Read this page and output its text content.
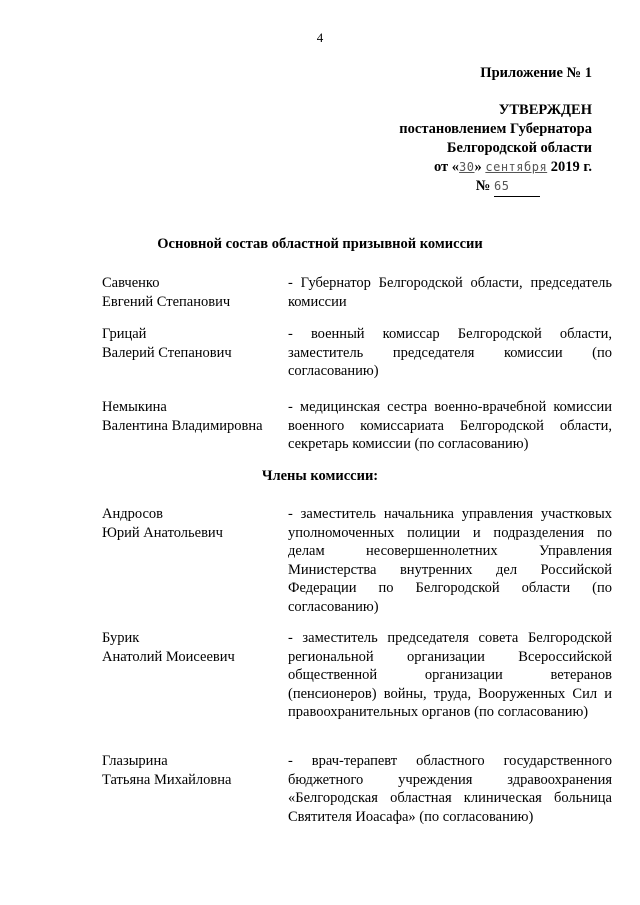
4
Приложение № 1
УТВЕРЖДЕН
постановлением Губернатора
Белгородской области
от «30» сентября 2019 г.
№ 65
Основной состав областной призывной комиссии
Савченко
Евгений Степанович
- Губернатор Белгородской области, председатель комиссии
Грицай
Валерий Степанович
- военный комиссар Белгородской области, заместитель председателя комиссии (по согласованию)
Немыкина
Валентина Владимировна
- медицинская сестра военно-врачебной комиссии военного комиссариата Белгородской области, секретарь комиссии (по согласованию)
Члены комиссии:
Андросов
Юрий Анатольевич
- заместитель начальника управления участковых уполномоченных полиции и подразделения по делам несовершеннолетних Управления Министерства внутренних дел Российской Федерации по Белгородской области (по согласованию)
Бурик
Анатолий Моисеевич
- заместитель председателя совета Белгородской региональной организации Всероссийской общественной организации ветеранов (пенсионеров) войны, труда, Вооруженных Сил и правоохранительных органов (по согласованию)
Глазырина
Татьяна Михайловна
- врач-терапевт областного государственного бюджетного учреждения здравоохранения «Белгородская областная клиническая больница Святителя Иоасафа» (по согласованию)
